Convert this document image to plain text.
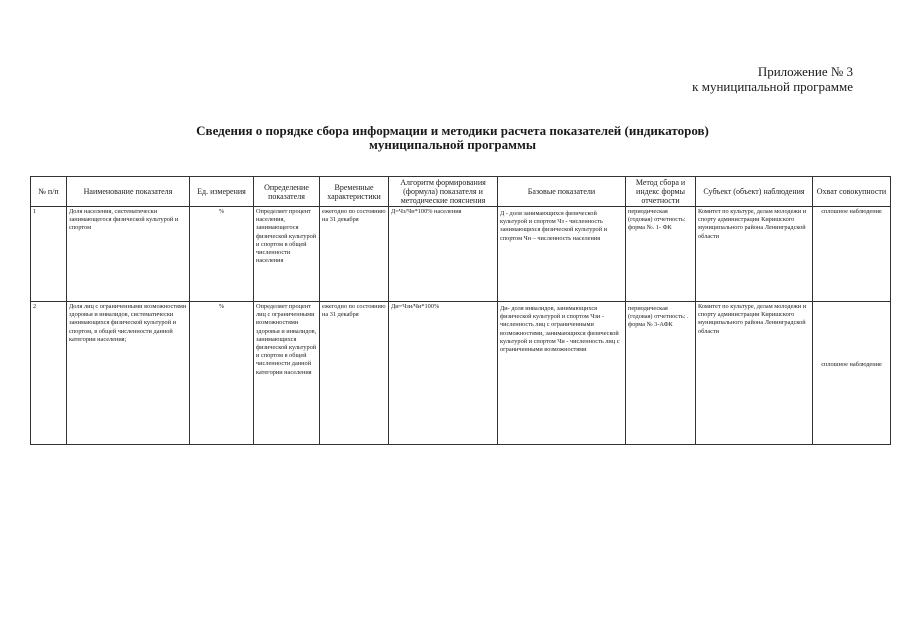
Приложение № 3
к муниципальной программе
Сведения о порядке сбора информации и методики расчета показателей (индикаторов)
муниципальной программы
№ п/п	Наименование показателя	Ед. измерения	Определение показателя	Временные характеристики	Алгоритм формирования (формула) показателя и методические пояснения	Базовые показатели	Метод сбора и индекс формы отчетности	Субъект (объект) наблюдения	Охват совокупности
1	Доля населения, систематически занимающегося физической культурой и спортом	%	Определяет процент населения, занимающегося физической культурой и спортом в общей численности населения	ежегодно по состоянию на 31 декабря	Д=Чз/Чн*100% населения	Д - доля занимающихся физической культурой и спортом Чз - численность занимающихся физической культурой и спортом Чн – численность населения	периодическая (годовая) отчетность: форма №. 1- ФК	Комитет по культуре, делам молодежи и спорту администрации Киришского муниципального района Ленинградской области	сплошное наблюдение
2	Доля лиц с ограниченными возможностями здоровья и инвалидов, систематически занимающихся физической культурой и спортом, в общей численности данной категории населения;	%	Определяет процент лиц с ограниченными возможностями здоровья и инвалидов, занимающихся физической культурой и спортом в общей численности данной категории населения	ежегодно по состоянию на 31 декабря	Ди=Чзи/Чи*100%	Ди- доля инвалидов, занимающихся физической культурой и спортом Чзи - численность лиц с ограниченными возможностями, занимающихся физической культурой и спортом Чи - численность лиц с ограниченными возможностями	периодическая (годовая) отчетность: . форма № 3-АФК	Комитет по культуре, делам молодежи и спорту администрации Киришского муниципального района Ленинградской области	сплошное наблюдение
